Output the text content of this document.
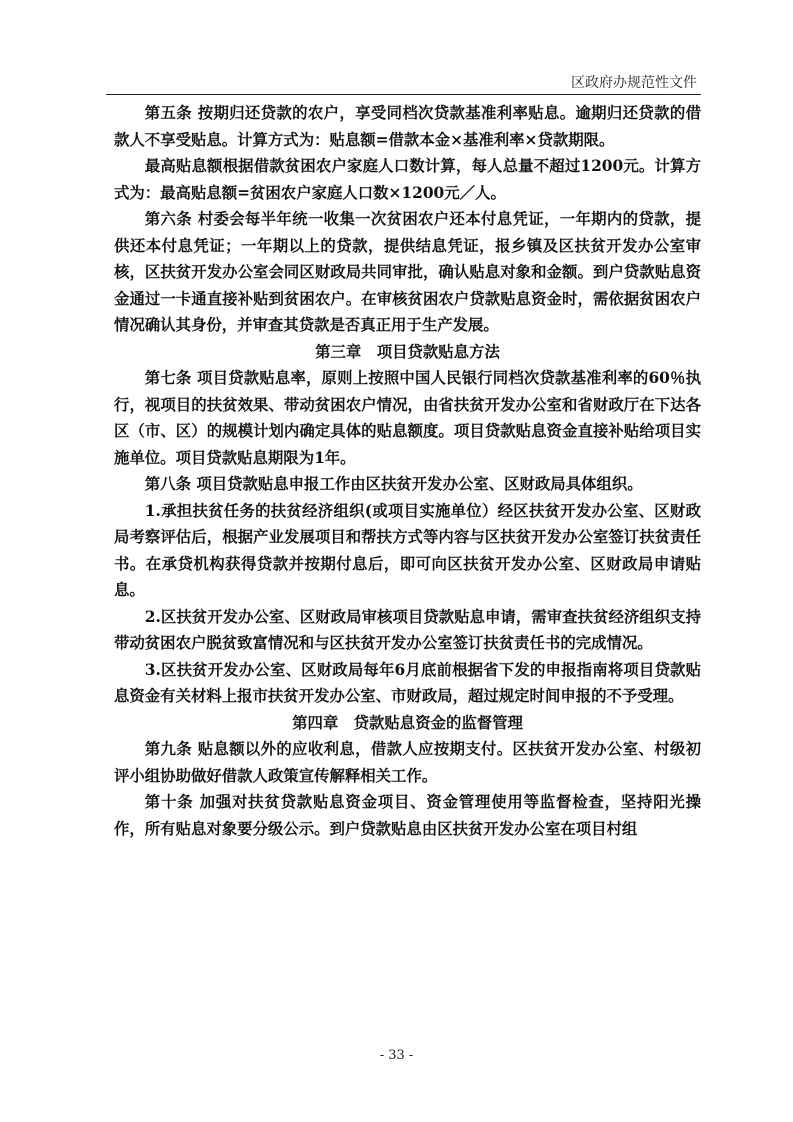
区政府办规范性文件

第五条 按期归还贷款的农户，享受同档次贷款基准利率贴息。逾期归还贷款的借款人不享受贴息。计算方式为：贴息额=借款本金×基准利率×贷款期限。

最高贴息额根据借款贫困农户家庭人口数计算，每人总量不超过1200元。计算方式为：最高贴息额=贫困农户家庭人口数×1200元／人。

第六条 村委会每半年统一收集一次贫困农户还本付息凭证，一年期内的贷款，提供还本付息凭证；一年期以上的贷款，提供结息凭证，报乡镇及区扶贫开发办公室审核，区扶贫开发办公室会同区财政局共同审批，确认贴息对象和金额。到户贷款贴息资金通过一卡通直接补贴到贫困农户。在审核贫困农户贷款贴息资金时，需依据贫困农户情况确认其身份，并审查其贷款是否真正用于生产发展。

第三章　项目贷款贴息方法

第七条 项目贷款贴息率，原则上按照中国人民银行同档次贷款基准利率的60％执行，视项目的扶贫效果、带动贫困农户情况，由省扶贫开发办公室和省财政厅在下达各区（市、区）的规模计划内确定具体的贴息额度。项目贷款贴息资金直接补贴给项目实施单位。项目贷款贴息期限为1年。

第八条 项目贷款贴息申报工作由区扶贫开发办公室、区财政局具体组织。

1.承担扶贫任务的扶贫经济组织(或项目实施单位）经区扶贫开发办公室、区财政局考察评估后，根据产业发展项目和帮扶方式等内容与区扶贫开发办公室签订扶贫责任书。在承贷机构获得贷款并按期付息后，即可向区扶贫开发办公室、区财政局申请贴息。

2.区扶贫开发办公室、区财政局审核项目贷款贴息申请，需审查扶贫经济组织支持带动贫困农户脱贫致富情况和与区扶贫开发办公室签订扶贫责任书的完成情况。

3.区扶贫开发办公室、区财政局每年6月底前根据省下发的申报指南将项目贷款贴息资金有关材料上报市扶贫开发办公室、市财政局，超过规定时间申报的不予受理。

第四章　贷款贴息资金的监督管理

第九条 贴息额以外的应收利息，借款人应按期支付。区扶贫开发办公室、村级初评小组协助做好借款人政策宣传解释相关工作。

第十条 加强对扶贫贷款贴息资金项目、资金管理使用等监督检查，坚持阳光操作，所有贴息对象要分级公示。到户贷款贴息由区扶贫开发办公室在项目村组

- 33 -
